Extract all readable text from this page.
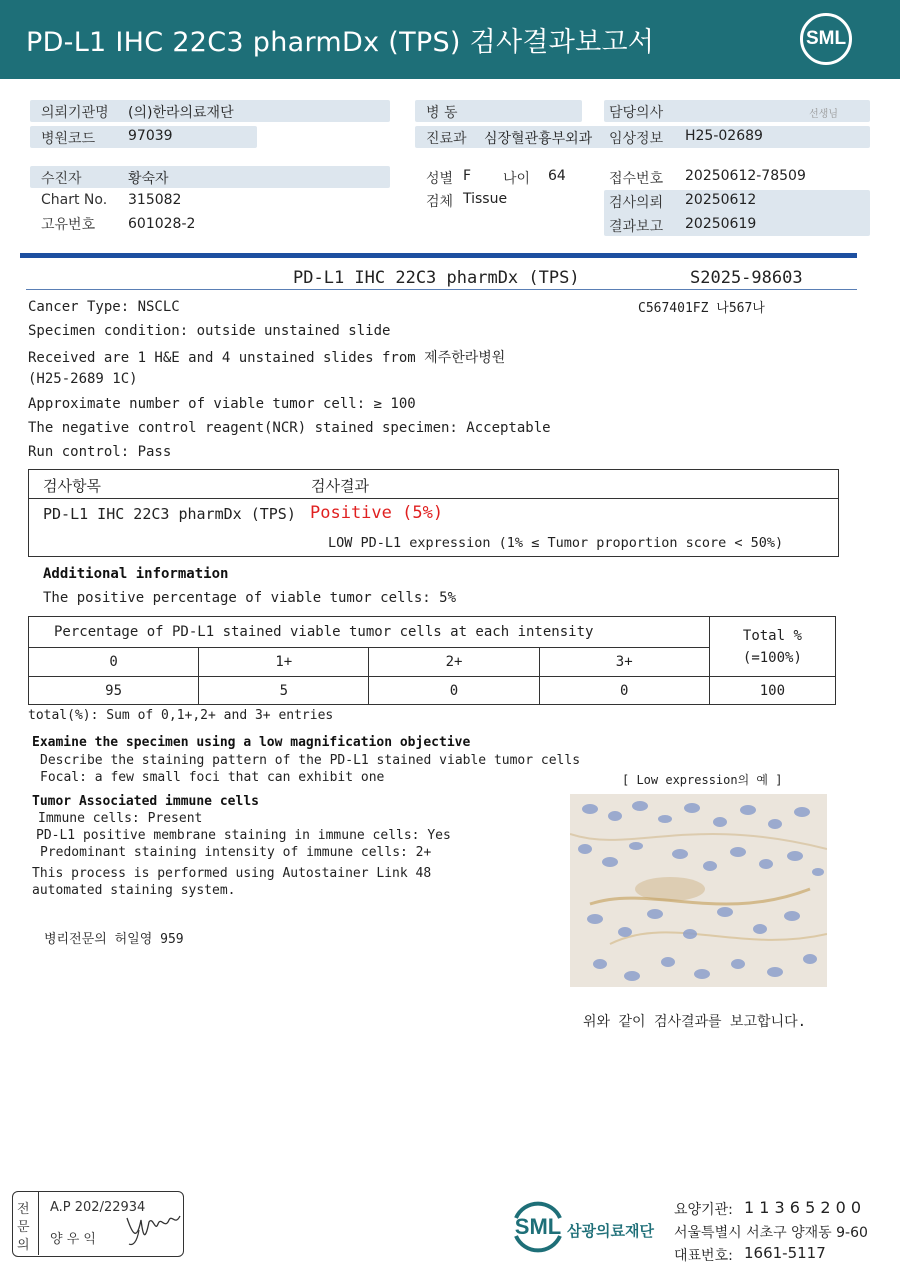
PD-L1 IHC 22C3 pharmDx (TPS) 검사결과보고서	SML
의뢰기관명 (의)한라의료재단
병원코드 97039
병 동
진료과 심장혈관흉부외과
담당의사	선생님
임상정보 H25-02689
수진자	황숙자
Chart No. 315082
고유번호 601028-2
성별 F 나이 64
검체 Tissue
접수번호 20250612-78509
검사의뢰 20250612
결과보고 20250619
PD-L1 IHC 22C3 pharmDx (TPS)	S2025-98603
C567401FZ 나567나
Cancer Type: NSCLC
Specimen condition: outside unstained slide
Received are 1 H&E and 4 unstained slides from 제주한라병원
(H25-2689 1C)
Approximate number of viable tumor cell: ≥ 100
The negative control reagent(NCR) stained specimen: Acceptable
Run control: Pass
검사항목	검사결과
PD-L1 IHC 22C3 pharmDx (TPS) Positive (5%)
LOW PD-L1 expression (1% ≤ Tumor proportion score < 50%)
Additional information
The positive percentage of viable tumor cells: 5%
Percentage of PD-L1 stained viable tumor cells at each intensity				Total %
(=100%)

0	1+	2+	3+	
95	5	0	0	100
total(%): Sum of 0,1+,2+ and 3+ entries
Examine the specimen using a low magnification objective
Describe the staining pattern of the PD-L1 stained viable tumor cells
Focal: a few small foci that can exhibit one	[ Low expression의 예 ]
Tumor Associated immune cells
Immune cells: Present
PD-L1 positive membrane staining in immune cells: Yes
Predominant staining intensity of immune cells: 2+
This process is performed using Autostainer Link 48
automated staining system.
병리전문의 허일영 959
위와 같이 검사결과를 보고합니다.
전
문
의
A.P 202/22934
양 우 익
SML 삼광의료재단
요양기관: 1 1 3 6 5 2 0 0
서울특별시 서초구 양재동 9-60
대표번호: 1661-5117
